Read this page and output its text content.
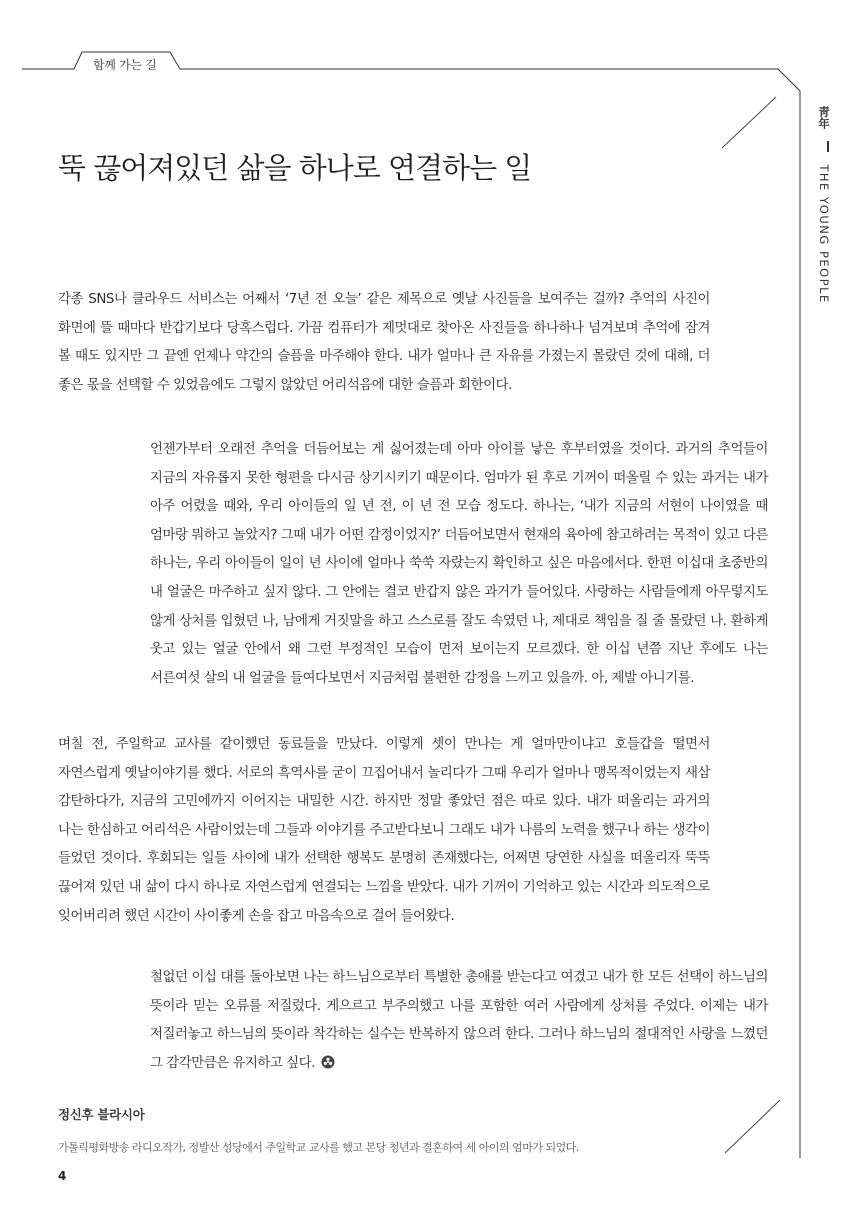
함께 가는 길
靑年  THE YOUNG PEOPLE
뚝 끊어져있던 삶을 하나로 연결하는 일

각종 SNS나 클라우드 서비스는 어째서 ‘7년 전 오늘’ 같은 제목으로 옛날 사진들을 보여주는 걸까? 추억의 사진이 화면에 뜰 때마다 반갑기보다 당혹스럽다. 가끔 컴퓨터가 제멋대로 찾아온 사진들을 하나하나 넘겨보며 추억에 잠겨 볼 때도 있지만 그 끝엔 언제나 약간의 슬픔을 마주해야 한다. 내가 얼마나 큰 자유를 가졌는지 몰랐던 것에 대해, 더 좋은 몫을 선택할 수 있었음에도 그렇지 않았던 어리석음에 대한 슬픔과 회한이다.

언젠가부터 오래전 추억을 더듬어보는 게 싫어졌는데 아마 아이를 낳은 후부터였을 것이다. 과거의 추억들이 지금의 자유롭지 못한 형편을 다시금 상기시키기 때문이다. 엄마가 된 후로 기꺼이 떠올릴 수 있는 과거는 내가 아주 어렸을 때와, 우리 아이들의 일 년 전, 이 년 전 모습 정도다. 하나는, ‘내가 지금의 서현이 나이였을 때 엄마랑 뭐하고 놀았지? 그때 내가 어떤 감정이었지?’ 더듬어보면서 현재의 육아에 참고하려는 목적이 있고 다른 하나는, 우리 아이들이 일이 년 사이에 얼마나 쑥쑥 자랐는지 확인하고 싶은 마음에서다. 한편 이십대 초중반의 내 얼굴은 마주하고 싶지 않다. 그 안에는 결코 반갑지 않은 과거가 들어있다. 사랑하는 사람들에게 아무렇지도 않게 상처를 입혔던 나, 남에게 거짓말을 하고 스스로를 잘도 속였던 나, 제대로 책임을 질 줄 몰랐던 나. 환하게 웃고 있는 얼굴 안에서 왜 그런 부정적인 모습이 먼저 보이는지 모르겠다. 한 이십 년쯤 지난 후에도 나는 서른여섯 살의 내 얼굴을 들여다보면서 지금처럼 불편한 감정을 느끼고 있을까. 아, 제발 아니기를.

며칠 전, 주일학교 교사를 같이했던 동료들을 만났다. 이렇게 셋이 만나는 게 얼마만이냐고 호들갑을 떨면서 자연스럽게 옛날이야기를 했다. 서로의 흑역사를 굳이 끄집어내서 놀리다가 그때 우리가 얼마나 맹목적이었는지 새삼 감탄하다가, 지금의 고민에까지 이어지는 내밀한 시간. 하지만 정말 좋았던 점은 따로 있다. 내가 떠올리는 과거의 나는 한심하고 어리석은 사람이었는데 그들과 이야기를 주고받다보니 그래도 내가 나름의 노력을 했구나 하는 생각이 들었던 것이다. 후회되는 일들 사이에 내가 선택한 행복도 분명히 존재했다는, 어쩌면 당연한 사실을 떠올리자 뚝뚝 끊어져 있던 내 삶이 다시 하나로 자연스럽게 연결되는 느낌을 받았다. 내가 기꺼이 기억하고 있는 시간과 의도적으로 잊어버리려 했던 시간이 사이좋게 손을 잡고 마음속으로 걸어 들어왔다.

철없던 이십 대를 돌아보면 나는 하느님으로부터 특별한 총애를 받는다고 여겼고 내가 한 모든 선택이 하느님의 뜻이라 믿는 오류를 저질렀다. 게으르고 부주의했고 나를 포함한 여러 사람에게 상처를 주었다. 이제는 내가 저질러놓고 하느님의 뜻이라 착각하는 실수는 반복하지 않으려 한다. 그러나 하느님의 절대적인 사랑을 느꼈던 그 감각만큼은 유지하고 싶다.

정신후 블라시아
가톨릭평화방송 라디오작가, 정발산 성당에서 주일학교 교사를 했고 본당 청년과 결혼하여 세 아이의 엄마가 되었다.
4
